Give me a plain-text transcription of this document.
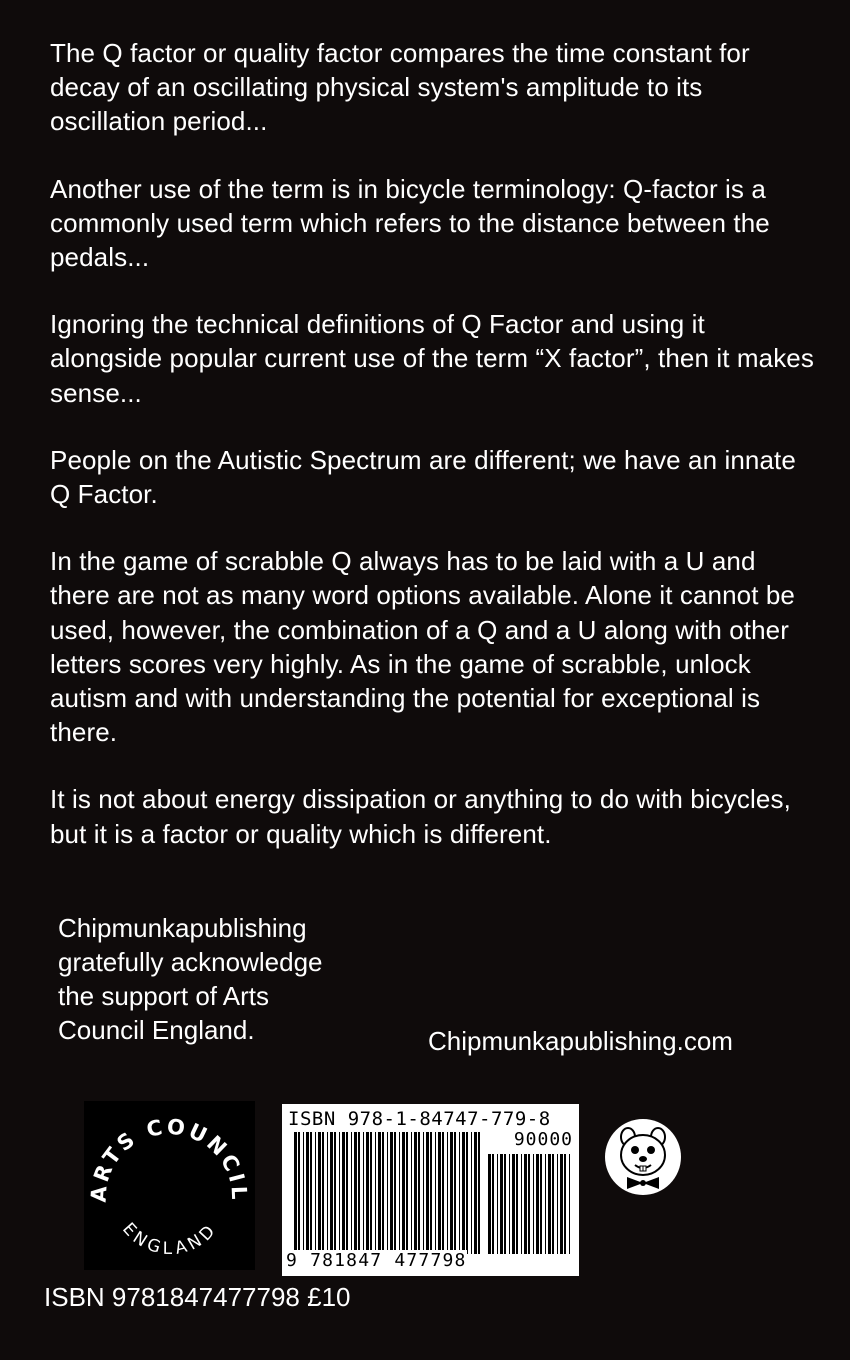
The Q factor or quality factor compares the time constant for decay of an oscillating physical system's amplitude to its oscillation period...

Another use of the term is in bicycle terminology: Q-factor is a commonly used term which refers to the distance between the pedals...

Ignoring the technical definitions of Q Factor and using it alongside popular current use of the term “X factor”, then it makes sense...

People on the Autistic Spectrum are different; we have an innate Q Factor.

In the game of scrabble Q always has to be laid with a U and there are not as many word options available. Alone it cannot be used, however, the combination of a Q and a U along with other letters scores very highly. As in the game of scrabble, unlock autism and with understanding the potential for exceptional is there.

It is not about energy dissipation or anything to do with bicycles, but it is a factor or quality which is different.

Chipmunkapublishing
gratefully acknowledge
the support of Arts
Council England.	Chipmunkapublishing.com
ARTS COUNCIL
ENGLAND
ISBN 978-1-84747-779-8
90000
9 781847 477798
ISBN 9781847477798 £10
